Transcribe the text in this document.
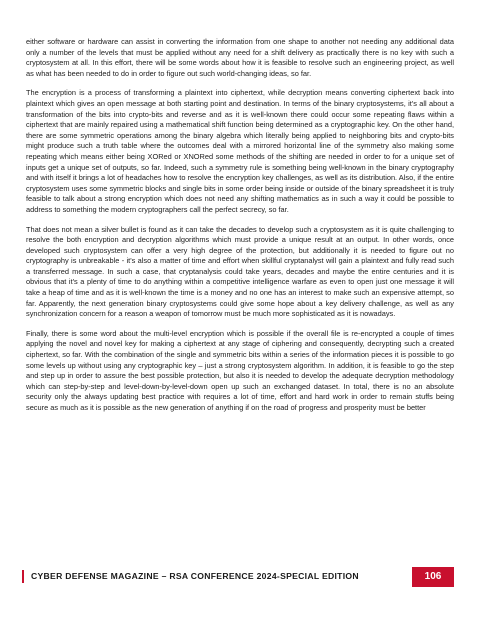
either software or hardware can assist in converting the information from one shape to another not needing any additional data only a number of the levels that must be applied without any need for a shift delivery as practically there is no key with such a cryptosystem at all. In this effort, there will be some words about how it is feasible to resolve such an engineering project, as well as what has been needed to do in order to figure out such world-changing ideas, so far.

The encryption is a process of transforming a plaintext into ciphertext, while decryption means converting ciphertext back into plaintext which gives an open message at both starting point and destination. In terms of the binary cryptosystems, it's all about a transformation of the bits into crypto-bits and reverse and as it is well-known there could occur some repeating flaws within a ciphertext that are mainly repaired using a mathematical shift function being determined as a cryptographic key. On the other hand, there are some symmetric operations among the binary algebra which literally being applied to neighboring bits and crypto-bits might produce such a truth table where the outcomes deal with a mirrored horizontal line of the symmetry also making some repeating which means either being XORed or XNORed some methods of the shifting are needed in order to for a unique set of inputs get a unique set of outputs, so far. Indeed, such a symmetry rule is something being well-known in the binary cryptography and with itself it brings a lot of headaches how to resolve the encryption key challenges, as well as its distribution. Also, if the entire cryptosystem uses some symmetric blocks and single bits in some order being inside or outside of the binary spreadsheet it is truly feasible to talk about a strong encryption which does not need any shifting mathematics as in such a way it could be possible to address to something the modern cryptographers call the perfect secrecy, so far.

That does not mean a silver bullet is found as it can take the decades to develop such a cryptosystem as it is quite challenging to resolve the both encryption and decryption algorithms which must provide a unique result at an output. In other words, once developed such cryptosystem can offer a very high degree of the protection, but additionally it is needed to figure out no cryptography is unbreakable - it's also a matter of time and effort when skillful cryptanalyst will gain a plaintext and fully read such a transferred message. In such a case, that cryptanalysis could take years, decades and maybe the entire centuries and it is obvious that it's a plenty of time to do anything within a competitive intelligence warfare as even to open just one message it will take a heap of time and as it is well-known the time is a money and no one has an interest to make such an expensive attempt, so far. Apparently, the next generation binary cryptosystems could give some hope about a key delivery challenge, as well as any synchronization concern for a reason a weapon of tomorrow must be much more sophisticated as it is nowadays.

Finally, there is some word about the multi-level encryption which is possible if the overall file is re-encrypted a couple of times applying the novel and novel key for making a ciphertext at any stage of ciphering and consequently, decrypting such a created ciphertext, so far. With the combination of the single and symmetric bits within a series of the information pieces it is possible to go some levels up without using any cryptographic key – just a strong cryptosystem algorithm. In addition, it is feasible to go the step and step up in order to assure the best possible protection, but also it is needed to develop the adequate decryption methodology which can step-by-step and level-down-by-level-down open up such an exchanged dataset. In total, there is no an absolute security only the always updating best practice with requires a lot of time, effort and hard work in order to remain stuffs being secure as much as it is possible as the new generation of anything if on the road of progress and prosperity must be better

CYBER DEFENSE MAGAZINE – RSA CONFERENCE 2024-SPECIAL EDITION	106
